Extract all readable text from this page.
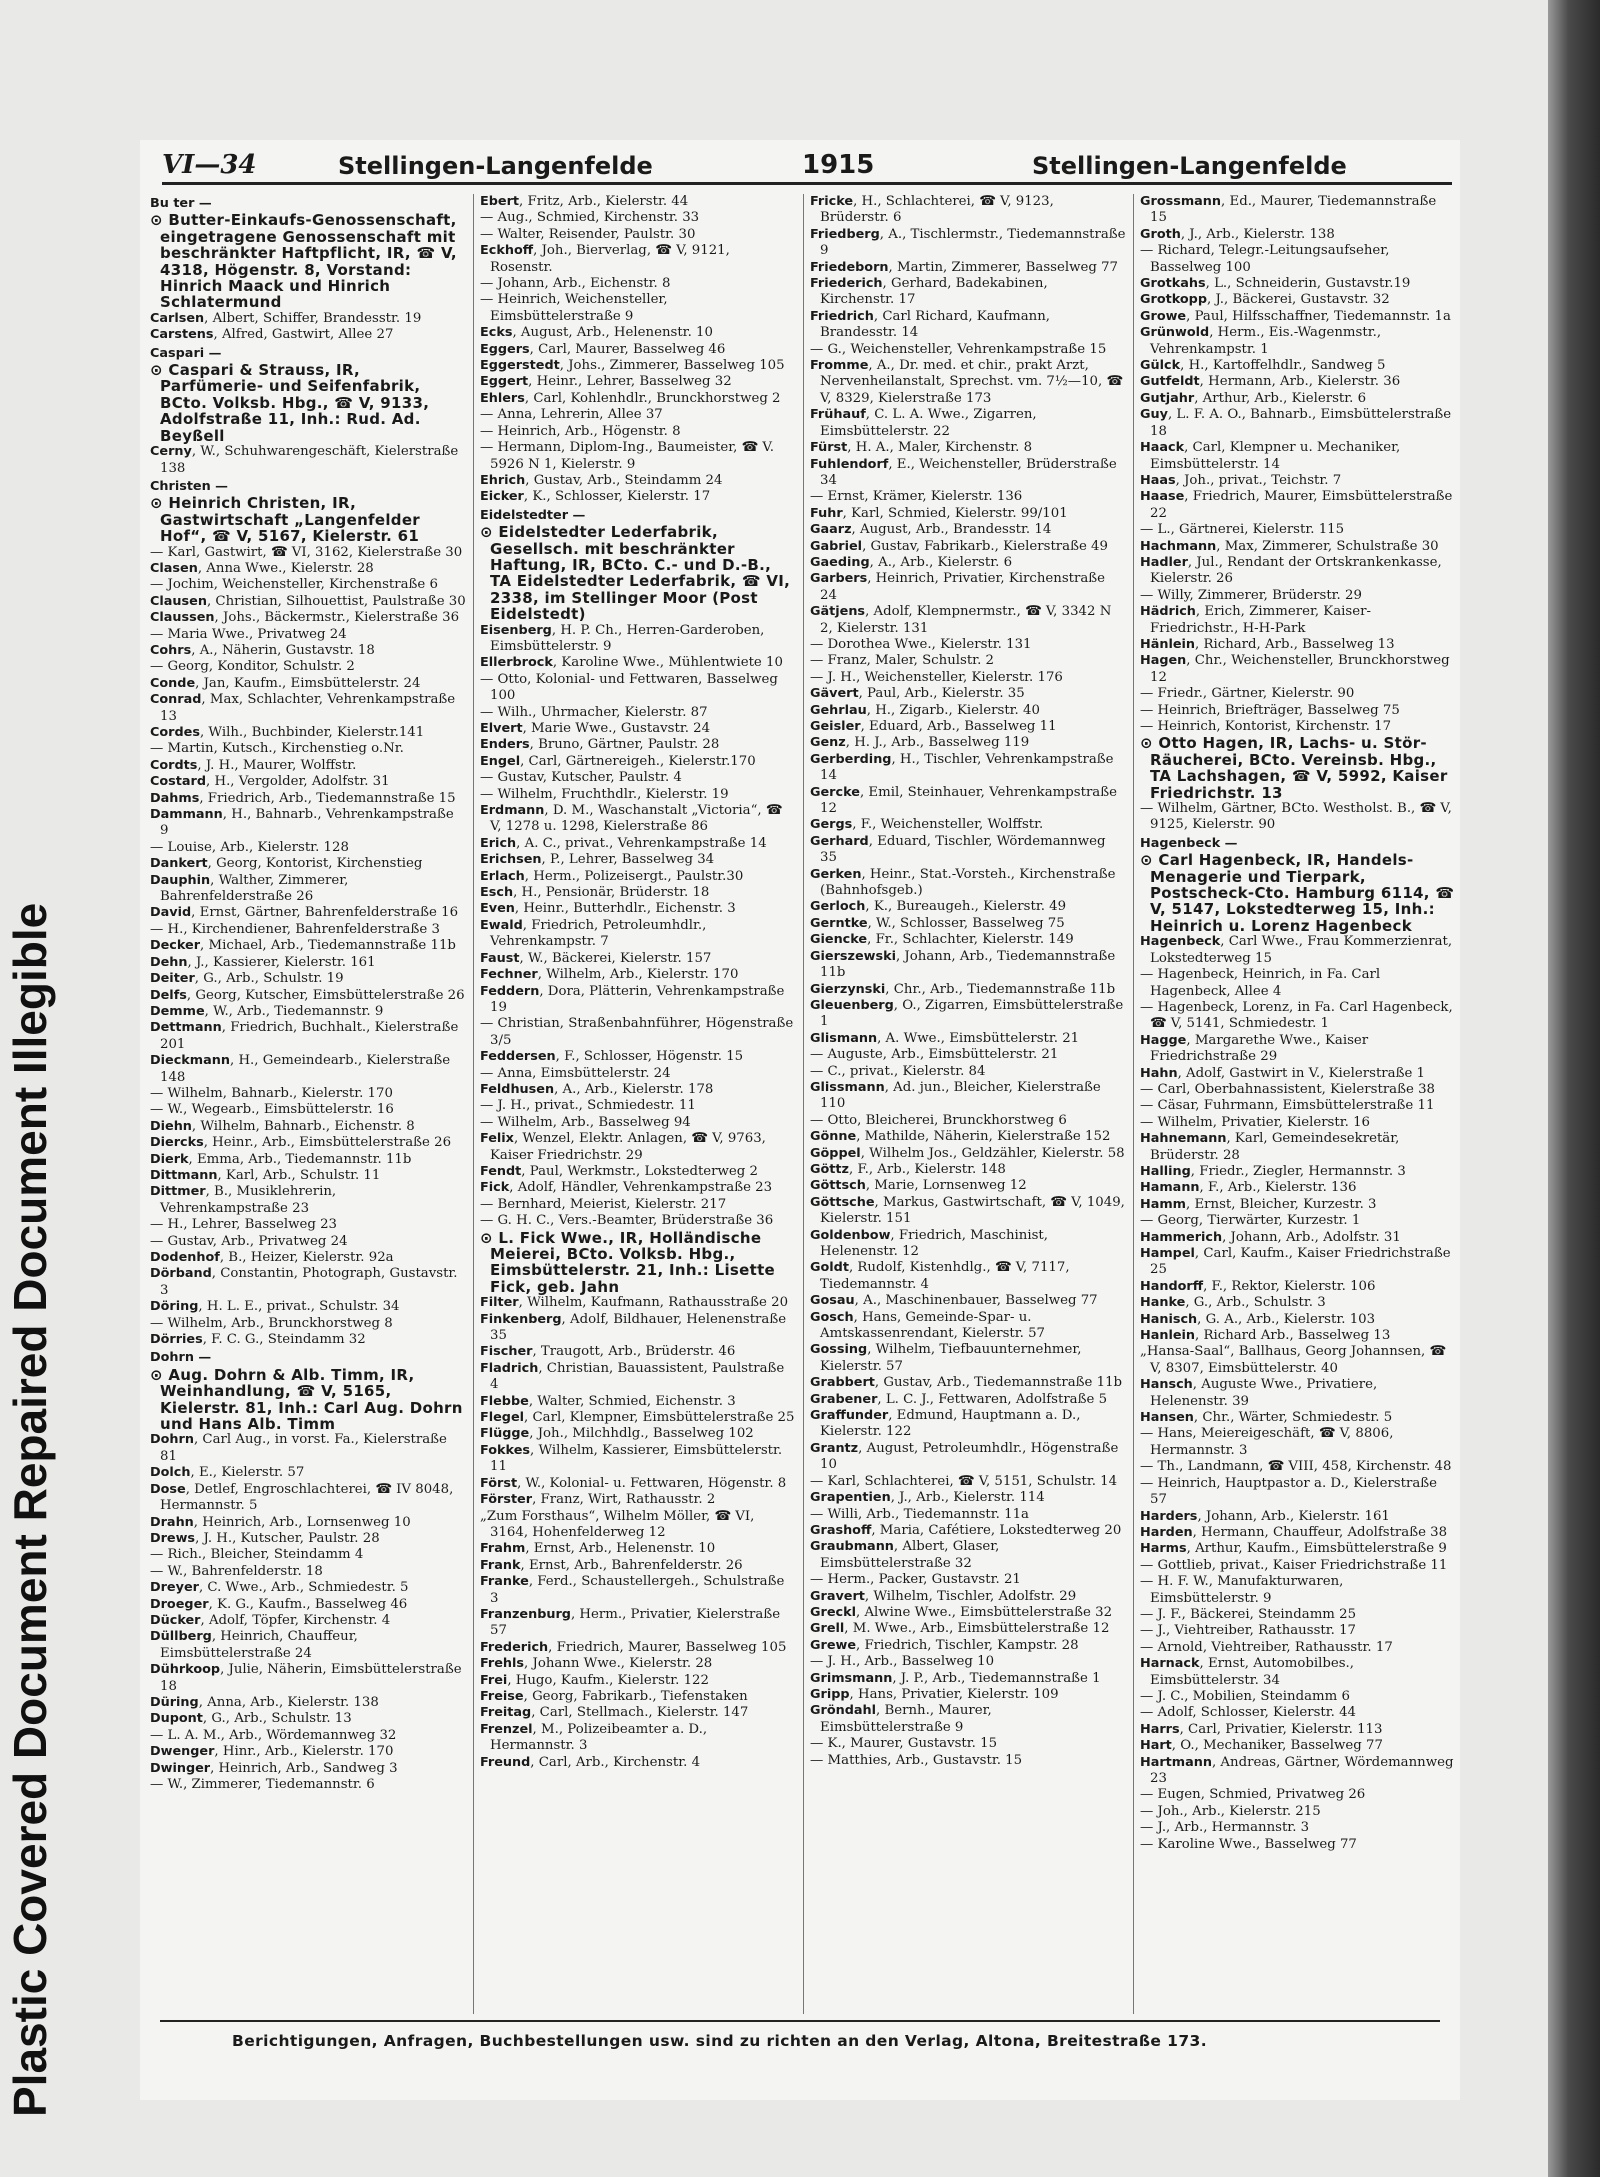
Plastic Covered Document Repaired Document Illegible
VI—34	Stellingen-Langenfelde	1915	Stellingen-Langenfelde

Bu ter —

⊙ Butter-Einkaufs-Genossenschaft, eingetragene Genossenschaft mit beschränkter Haftpflicht, IR, ☎ V, 4318, Högenstr. 8, Vorstand: Hinrich Maack und Hinrich Schlatermund

Carlsen, Albert, Schiffer, Brandesstr. 19

Carstens, Alfred, Gastwirt, Allee 27

Caspari —

⊙ Caspari & Strauss, IR, Parfümerie- und Seifenfabrik, BCto. Volksb. Hbg., ☎ V, 9133, Adolfstraße 11, Inh.: Rud. Ad. Beyßell

Cerny, W., Schuhwarengeschäft, Kielerstraße 138

Christen —

⊙ Heinrich Christen, IR, Gastwirtschaft „Langenfelder Hof“, ☎ V, 5167, Kielerstr. 61

— Karl, Gastwirt, ☎ VI, 3162, Kielerstraße 30

Clasen, Anna Wwe., Kielerstr. 28

— Jochim, Weichensteller, Kirchenstraße 6

Clausen, Christian, Silhouettist, Paulstraße 30

Claussen, Johs., Bäckermstr., Kielerstraße 36

— Maria Wwe., Privatweg 24

Cohrs, A., Näherin, Gustavstr. 18

— Georg, Konditor, Schulstr. 2

Conde, Jan, Kaufm., Eimsbüttelerstr. 24

Conrad, Max, Schlachter, Vehrenkampstraße 13

Cordes, Wilh., Buchbinder, Kielerstr.141

— Martin, Kutsch., Kirchenstieg o.Nr.

Cordts, J. H., Maurer, Wolffstr.

Costard, H., Vergolder, Adolfstr. 31

Dahms, Friedrich, Arb., Tiedemannstraße 15

Dammann, H., Bahnarb., Vehrenkampstraße 9

— Louise, Arb., Kielerstr. 128

Dankert, Georg, Kontorist, Kirchenstieg

Dauphin, Walther, Zimmerer, Bahrenfelderstraße 26

David, Ernst, Gärtner, Bahrenfelderstraße 16

— H., Kirchendiener, Bahrenfelderstraße 3

Decker, Michael, Arb., Tiedemannstraße 11b

Dehn, J., Kassierer, Kielerstr. 161

Deiter, G., Arb., Schulstr. 19

Delfs, Georg, Kutscher, Eimsbüttelerstraße 26

Demme, W., Arb., Tiedemannstr. 9

Dettmann, Friedrich, Buchhalt., Kielerstraße 201

Dieckmann, H., Gemeindearb., Kielerstraße 148

— Wilhelm, Bahnarb., Kielerstr. 170

— W., Wegearb., Eimsbüttelerstr. 16

Diehn, Wilhelm, Bahnarb., Eichenstr. 8

Diercks, Heinr., Arb., Eimsbüttelerstraße 26

Dierk, Emma, Arb., Tiedemannstr. 11b

Dittmann, Karl, Arb., Schulstr. 11

Dittmer, B., Musiklehrerin, Vehrenkampstraße 23

— H., Lehrer, Basselweg 23

— Gustav, Arb., Privatweg 24

Dodenhof, B., Heizer, Kielerstr. 92a

Dörband, Constantin, Photograph, Gustavstr. 3

Döring, H. L. E., privat., Schulstr. 34

— Wilhelm, Arb., Brunckhorstweg 8

Dörries, F. C. G., Steindamm 32

Dohrn —

⊙ Aug. Dohrn & Alb. Timm, IR, Weinhandlung, ☎ V, 5165, Kielerstr. 81, Inh.: Carl Aug. Dohrn und Hans Alb. Timm

Dohrn, Carl Aug., in vorst. Fa., Kielerstraße 81

Dolch, E., Kielerstr. 57

Dose, Detlef, Engroschlachterei, ☎ IV 8048, Hermannstr. 5

Drahn, Heinrich, Arb., Lornsenweg 10

Drews, J. H., Kutscher, Paulstr. 28

— Rich., Bleicher, Steindamm 4

— W., Bahrenfelderstr. 18

Dreyer, C. Wwe., Arb., Schmiedestr. 5

Droeger, K. G., Kaufm., Basselweg 46

Dücker, Adolf, Töpfer, Kirchenstr. 4

Düllberg, Heinrich, Chauffeur, Eimsbüttelerstraße 24

Dührkoop, Julie, Näherin, Eimsbüttelerstraße 18

Düring, Anna, Arb., Kielerstr. 138

Dupont, G., Arb., Schulstr. 13

— L. A. M., Arb., Wördemannweg 32

Dwenger, Hinr., Arb., Kielerstr. 170

Dwinger, Heinrich, Arb., Sandweg 3

— W., Zimmerer, Tiedemannstr. 6

Ebert, Fritz, Arb., Kielerstr. 44

— Aug., Schmied, Kirchenstr. 33

— Walter, Reisender, Paulstr. 30

Eckhoff, Joh., Bierverlag, ☎ V, 9121, Rosenstr.

— Johann, Arb., Eichenstr. 8

— Heinrich, Weichensteller, Eimsbüttelerstraße 9

Ecks, August, Arb., Helenenstr. 10

Eggers, Carl, Maurer, Basselweg 46

Eggerstedt, Johs., Zimmerer, Basselweg 105

Eggert, Heinr., Lehrer, Basselweg 32

Ehlers, Carl, Kohlenhdlr., Brunckhorstweg 2

— Anna, Lehrerin, Allee 37

— Heinrich, Arb., Högenstr. 8

— Hermann, Diplom-Ing., Baumeister, ☎ V. 5926 N 1, Kielerstr. 9

Ehrich, Gustav, Arb., Steindamm 24

Eicker, K., Schlosser, Kielerstr. 17

Eidelstedter —

⊙ Eidelstedter Lederfabrik, Gesellsch. mit beschränkter Haftung, IR, BCto. C.- und D.-B., TA Eidelstedter Lederfabrik, ☎ VI, 2338, im Stellinger Moor (Post Eidelstedt)

Eisenberg, H. P. Ch., Herren-Garderoben, Eimsbüttelerstr. 9

Ellerbrock, Karoline Wwe., Mühlentwiete 10

— Otto, Kolonial- und Fettwaren, Basselweg 100

— Wilh., Uhrmacher, Kielerstr. 87

Elvert, Marie Wwe., Gustavstr. 24

Enders, Bruno, Gärtner, Paulstr. 28

Engel, Carl, Gärtnereigeh., Kielerstr.170

— Gustav, Kutscher, Paulstr. 4

— Wilhelm, Fruchthdlr., Kielerstr. 19

Erdmann, D. M., Waschanstalt „Victoria“, ☎ V, 1278 u. 1298, Kielerstraße 86

Erich, A. C., privat., Vehrenkampstraße 14

Erichsen, P., Lehrer, Basselweg 34

Erlach, Herm., Polizeisergt., Paulstr.30

Esch, H., Pensionär, Brüderstr. 18

Even, Heinr., Butterhdlr., Eichenstr. 3

Ewald, Friedrich, Petroleumhdlr., Vehrenkampstr. 7

Faust, W., Bäckerei, Kielerstr. 157

Fechner, Wilhelm, Arb., Kielerstr. 170

Feddern, Dora, Plätterin, Vehrenkampstraße 19

— Christian, Straßenbahnführer, Högenstraße 3/5

Feddersen, F., Schlosser, Högenstr. 15

— Anna, Eimsbüttelerstr. 24

Feldhusen, A., Arb., Kielerstr. 178

— J. H., privat., Schmiedestr. 11

— Wilhelm, Arb., Basselweg 94

Felix, Wenzel, Elektr. Anlagen, ☎ V, 9763, Kaiser Friedrichstr. 29

Fendt, Paul, Werkmstr., Lokstedterweg 2

Fick, Adolf, Händler, Vehrenkampstraße 23

— Bernhard, Meierist, Kielerstr. 217

— G. H. C., Vers.-Beamter, Brüderstraße 36

⊙ L. Fick Wwe., IR, Holländische Meierei, BCto. Volksb. Hbg., Eimsbüttelerstr. 21, Inh.: Lisette Fick, geb. Jahn

Filter, Wilhelm, Kaufmann, Rathausstraße 20

Finkenberg, Adolf, Bildhauer, Helenenstraße 35

Fischer, Traugott, Arb., Brüderstr. 46

Fladrich, Christian, Bauassistent, Paulstraße 4

Flebbe, Walter, Schmied, Eichenstr. 3

Flegel, Carl, Klempner, Eimsbüttelerstraße 25

Flügge, Joh., Milchhdlg., Basselweg 102

Fokkes, Wilhelm, Kassierer, Eimsbüttelerstr. 11

Först, W., Kolonial- u. Fettwaren, Högenstr. 8

Förster, Franz, Wirt, Rathausstr. 2

„Zum Forsthaus“, Wilhelm Möller, ☎ VI, 3164, Hohenfelderweg 12

Frahm, Ernst, Arb., Helenenstr. 10

Frank, Ernst, Arb., Bahrenfelderstr. 26

Franke, Ferd., Schaustellergeh., Schulstraße 3

Franzenburg, Herm., Privatier, Kielerstraße 57

Frederich, Friedrich, Maurer, Basselweg 105

Frehls, Johann Wwe., Kielerstr. 28

Frei, Hugo, Kaufm., Kielerstr. 122

Freise, Georg, Fabrikarb., Tiefenstaken

Freitag, Carl, Stellmach., Kielerstr. 147

Frenzel, M., Polizeibeamter a. D., Hermannstr. 3

Freund, Carl, Arb., Kirchenstr. 4

Fricke, H., Schlachterei, ☎ V, 9123, Brüderstr. 6

Friedberg, A., Tischlermstr., Tiedemannstraße 9

Friedeborn, Martin, Zimmerer, Basselweg 77

Friederich, Gerhard, Badekabinen, Kirchenstr. 17

Friedrich, Carl Richard, Kaufmann, Brandesstr. 14

— G., Weichensteller, Vehrenkampstraße 15

Fromme, A., Dr. med. et chir., prakt Arzt, Nervenheilanstalt, Sprechst. vm. 7½—10, ☎ V, 8329, Kielerstraße 173

Frühauf, C. L. A. Wwe., Zigarren, Eimsbüttelerstr. 22

Fürst, H. A., Maler, Kirchenstr. 8

Fuhlendorf, E., Weichensteller, Brüderstraße 34

— Ernst, Krämer, Kielerstr. 136

Fuhr, Karl, Schmied, Kielerstr. 99/101

Gaarz, August, Arb., Brandesstr. 14

Gabriel, Gustav, Fabrikarb., Kielerstraße 49

Gaeding, A., Arb., Kielerstr. 6

Garbers, Heinrich, Privatier, Kirchenstraße 24

Gätjens, Adolf, Klempnermstr., ☎ V, 3342 N 2, Kielerstr. 131

— Dorothea Wwe., Kielerstr. 131

— Franz, Maler, Schulstr. 2

— J. H., Weichensteller, Kielerstr. 176

Gävert, Paul, Arb., Kielerstr. 35

Gehrlau, H., Zigarb., Kielerstr. 40

Geisler, Eduard, Arb., Basselweg 11

Genz, H. J., Arb., Basselweg 119

Gerberding, H., Tischler, Vehrenkampstraße 14

Gercke, Emil, Steinhauer, Vehrenkampstraße 12

Gergs, F., Weichensteller, Wolffstr.

Gerhard, Eduard, Tischler, Wördemannweg 35

Gerken, Heinr., Stat.-Vorsteh., Kirchenstraße (Bahnhofsgeb.)

Gerloch, K., Bureaugeh., Kielerstr. 49

Gerntke, W., Schlosser, Basselweg 75

Giencke, Fr., Schlachter, Kielerstr. 149

Gierszewski, Johann, Arb., Tiedemannstraße 11b

Gierzynski, Chr., Arb., Tiedemannstraße 11b

Gleuenberg, O., Zigarren, Eimsbüttelerstraße 1

Glismann, A. Wwe., Eimsbüttelerstr. 21

— Auguste, Arb., Eimsbüttelerstr. 21

— C., privat., Kielerstr. 84

Glissmann, Ad. jun., Bleicher, Kielerstraße 110

— Otto, Bleicherei, Brunckhorstweg 6

Gönne, Mathilde, Näherin, Kielerstraße 152

Göppel, Wilhelm Jos., Geldzähler, Kielerstr. 58

Göttz, F., Arb., Kielerstr. 148

Göttsch, Marie, Lornsenweg 12

Göttsche, Markus, Gastwirtschaft, ☎ V, 1049, Kielerstr. 151

Goldenbow, Friedrich, Maschinist, Helenenstr. 12

Goldt, Rudolf, Kistenhdlg., ☎ V, 7117, Tiedemannstr. 4

Gosau, A., Maschinenbauer, Basselweg 77

Gosch, Hans, Gemeinde-Spar- u. Amtskassenrendant, Kielerstr. 57

Gossing, Wilhelm, Tiefbauunternehmer, Kielerstr. 57

Grabbert, Gustav, Arb., Tiedemannstraße 11b

Grabener, L. C. J., Fettwaren, Adolfstraße 5

Graffunder, Edmund, Hauptmann a. D., Kielerstr. 122

Grantz, August, Petroleumhdlr., Högenstraße 10

— Karl, Schlachterei, ☎ V, 5151, Schulstr. 14

Grapentien, J., Arb., Kielerstr. 114

— Willi, Arb., Tiedemannstr. 11a

Grashoff, Maria, Cafétiere, Lokstedterweg 20

Graubmann, Albert, Glaser, Eimsbüttelerstraße 32

— Herm., Packer, Gustavstr. 21

Gravert, Wilhelm, Tischler, Adolfstr. 29

Greckl, Alwine Wwe., Eimsbüttelerstraße 32

Grell, M. Wwe., Arb., Eimsbüttelerstraße 12

Grewe, Friedrich, Tischler, Kampstr. 28

— J. H., Arb., Basselweg 10

Grimsmann, J. P., Arb., Tiedemannstraße 1

Gripp, Hans, Privatier, Kielerstr. 109

Gröndahl, Bernh., Maurer, Eimsbüttelerstraße 9

— K., Maurer, Gustavstr. 15

— Matthies, Arb., Gustavstr. 15

Grossmann, Ed., Maurer, Tiedemannstraße 15

Groth, J., Arb., Kielerstr. 138

— Richard, Telegr.-Leitungsaufseher, Basselweg 100

Grotkahs, L., Schneiderin, Gustavstr.19

Grotkopp, J., Bäckerei, Gustavstr. 32

Growe, Paul, Hilfsschaffner, Tiedemannstr. 1a

Grünwold, Herm., Eis.-Wagenmstr., Vehrenkampstr. 1

Gülck, H., Kartoffelhdlr., Sandweg 5

Gutfeldt, Hermann, Arb., Kielerstr. 36

Gutjahr, Arthur, Arb., Kielerstr. 6

Guy, L. F. A. O., Bahnarb., Eimsbüttelerstraße 18

Haack, Carl, Klempner u. Mechaniker, Eimsbüttelerstr. 14

Haas, Joh., privat., Teichstr. 7

Haase, Friedrich, Maurer, Eimsbüttelerstraße 22

— L., Gärtnerei, Kielerstr. 115

Hachmann, Max, Zimmerer, Schulstraße 30

Hadler, Jul., Rendant der Ortskrankenkasse, Kielerstr. 26

— Willy, Zimmerer, Brüderstr. 29

Hädrich, Erich, Zimmerer, Kaiser-Friedrichstr., H-H-Park

Hänlein, Richard, Arb., Basselweg 13

Hagen, Chr., Weichensteller, Brunckhorstweg 12

— Friedr., Gärtner, Kielerstr. 90

— Heinrich, Briefträger, Basselweg 75

— Heinrich, Kontorist, Kirchenstr. 17

⊙ Otto Hagen, IR, Lachs- u. Stör-Räucherei, BCto. Vereinsb. Hbg., TA Lachshagen, ☎ V, 5992, Kaiser Friedrichstr. 13

— Wilhelm, Gärtner, BCto. Westholst. B., ☎ V, 9125, Kielerstr. 90

Hagenbeck —

⊙ Carl Hagenbeck, IR, Handels-Menagerie und Tierpark, Postscheck-Cto. Hamburg 6114, ☎ V, 5147, Lokstedterweg 15, Inh.: Heinrich u. Lorenz Hagenbeck

Hagenbeck, Carl Wwe., Frau Kommerzienrat, Lokstedterweg 15

— Hagenbeck, Heinrich, in Fa. Carl Hagenbeck, Allee 4

— Hagenbeck, Lorenz, in Fa. Carl Hagenbeck, ☎ V, 5141, Schmiedestr. 1

Hagge, Margarethe Wwe., Kaiser Friedrichstraße 29

Hahn, Adolf, Gastwirt in V., Kielerstraße 1

— Carl, Oberbahnassistent, Kielerstraße 38

— Cäsar, Fuhrmann, Eimsbüttelerstraße 11

— Wilhelm, Privatier, Kielerstr. 16

Hahnemann, Karl, Gemeindesekretär, Brüderstr. 28

Halling, Friedr., Ziegler, Hermannstr. 3

Hamann, F., Arb., Kielerstr. 136

Hamm, Ernst, Bleicher, Kurzestr. 3

— Georg, Tierwärter, Kurzestr. 1

Hammerich, Johann, Arb., Adolfstr. 31

Hampel, Carl, Kaufm., Kaiser Friedrichstraße 25

Handorff, F., Rektor, Kielerstr. 106

Hanke, G., Arb., Schulstr. 3

Hanisch, G. A., Arb., Kielerstr. 103

Hanlein, Richard Arb., Basselweg 13

„Hansa-Saal“, Ballhaus, Georg Johannsen, ☎ V, 8307, Eimsbüttelerstr. 40

Hansch, Auguste Wwe., Privatiere, Helenenstr. 39

Hansen, Chr., Wärter, Schmiedestr. 5

— Hans, Meiereigeschäft, ☎ V, 8806, Hermannstr. 3

— Th., Landmann, ☎ VIII, 458, Kirchenstr. 48

— Heinrich, Hauptpastor a. D., Kielerstraße 57

Harders, Johann, Arb., Kielerstr. 161

Harden, Hermann, Chauffeur, Adolfstraße 38

Harms, Arthur, Kaufm., Eimsbüttelerstraße 9

— Gottlieb, privat., Kaiser Friedrichstraße 11

— H. F. W., Manufakturwaren, Eimsbüttelerstr. 9

— J. F., Bäckerei, Steindamm 25

— J., Viehtreiber, Rathausstr. 17

— Arnold, Viehtreiber, Rathausstr. 17

Harnack, Ernst, Automobilbes., Eimsbüttelerstr. 34

— J. C., Mobilien, Steindamm 6

— Adolf, Schlosser, Kielerstr. 44

Harrs, Carl, Privatier, Kielerstr. 113

Hart, O., Mechaniker, Basselweg 77

Hartmann, Andreas, Gärtner, Wördemannweg 23

— Eugen, Schmied, Privatweg 26

— Joh., Arb., Kielerstr. 215

— J., Arb., Hermannstr. 3

— Karoline Wwe., Basselweg 77

Berichtigungen, Anfragen, Buchbestellungen usw. sind zu richten an den Verlag, Altona, Breitestraße 173.
